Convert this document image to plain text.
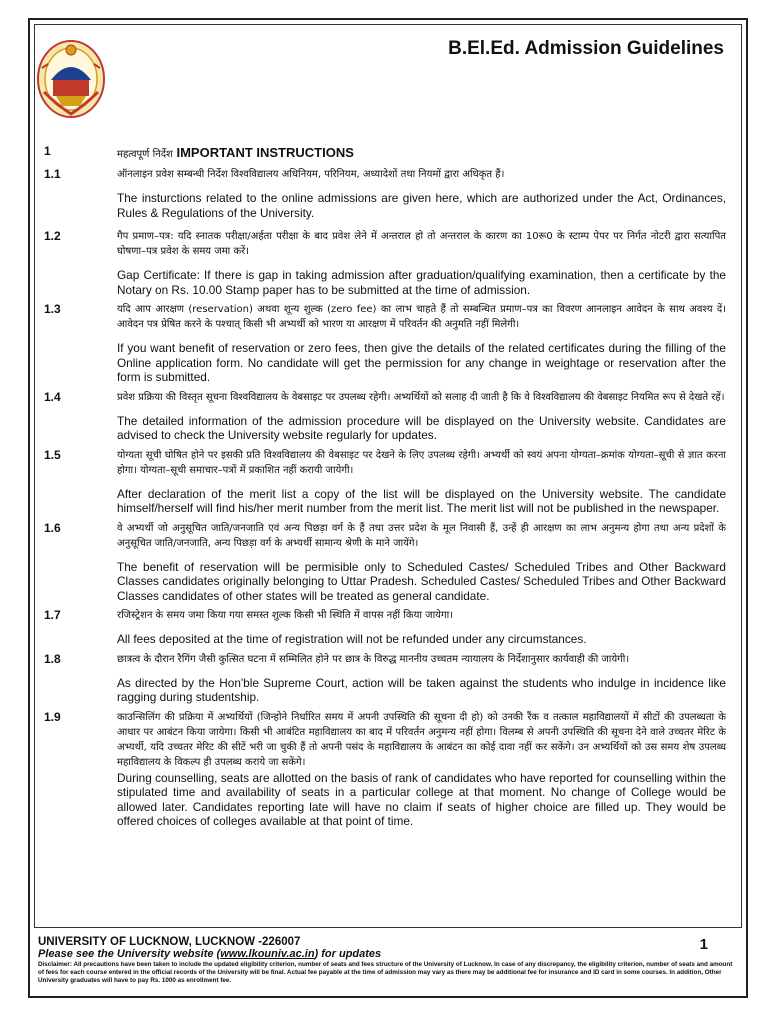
B.El.Ed. Admission Guidelines
1	महत्वपूर्ण निर्देश IMPORTANT INSTRUCTIONS
1.1	ऑनलाइन प्रवेश सम्बन्धी निर्देश विश्वविद्यालय अधिनियम, परिनियम, अध्यादेशों तथा नियमों द्वारा अधिकृत हैं।

The insturctions related to the online admissions are given here, which are authorized under the Act, Ordinances, Rules & Regulations of the University.

1.2	गैप प्रमाण–पत्र: यदि स्नातक परीक्षा/अर्हता परीक्षा के बाद प्रवेश लेने में अन्तराल हो तो अन्तराल के कारण का 10रू0 के स्टाम्प पेपर पर निर्गत नोटरी द्वारा सत्यापित घोषणा–पत्र प्रवेश के समय जमा करें।

Gap Certificate: If there is gap in taking admission after graduation/qualifying examination, then a certificate by the Notary on Rs. 10.00 Stamp paper has to be submitted at the time of admission.

1.3	यदि आप आरक्षण (reservation) अथवा शून्य शुल्क (zero fee) का लाभ चाहते हैं तो सम्बन्धित प्रमाण–पत्र का विवरण आनलाइन आवेदन के साथ अवश्य दें। आवेदन पत्र प्रेषित करने के पश्चात् किसी भी अभ्यर्थी को भारण या आरक्षण में परिवर्तन की अनुमति नहीं मिलेगी।

If you want benefit of reservation or zero fees, then give the details of the related certificates during the filling of the Online application form. No candidate will get the permission for any change in weightage or reservation after the form is submitted.

1.4	प्रवेश प्रक्रिया की विस्तृत सूचना विश्वविद्यालय के वेबसाइट पर उपलब्ध रहेगी। अभ्यर्थियों को सलाह दी जाती है कि वे विश्वविद्यालय की वेबसाइट नियमित रूप से देखते रहें।

The detailed information of the admission procedure will be displayed on the University website. Candidates are advised to check the University website regularly for updates.

1.5	योग्यता सूची घोषित होने पर इसकी प्रति विश्वविद्यालय की वेबसाइट पर देखने के लिए उपलब्ध रहेगी। अभ्यर्थी को स्वयं अपना योग्यता–क्रमांक योग्यता–सूची से ज्ञात करना होगा। योग्यता–सूची समाचार–पत्रों में प्रकाशित नहीं करायी जायेगी।

After declaration of the merit list a copy of the list will be displayed on the University website. The candidate himself/herself will find his/her merit number from the merit list. The merit list will not be published in the newspaper.

1.6	वे अभ्यर्थी जो अनुसूचित जाति/जनजाति एवं अन्य पिछड़ा वर्ग के हैं तथा उत्तर प्रदेश के मूल निवासी हैं, उन्हें ही आरक्षण का लाभ अनुमन्य होगा तथा अन्य प्रदेशों के अनुसूचित जाति/जनजाति, अन्य पिछड़ा वर्ग के अभ्यर्थी सामान्य श्रेणी के माने जायेंगे।

The benefit of reservation will be permisible only to Scheduled Castes/ Scheduled Tribes and Other Backward Classes candidates originally belonging to Uttar Pradesh. Scheduled Castes/ Scheduled Tribes and Other Backward Classes candidates of other states will be treated as general candidate.

1.7	रजिस्ट्रेशन के समय जमा किया गया समस्त शुल्क किसी भी स्थिति में वापस नहीं किया जायेगा।

All fees deposited at the time of registration will not be refunded under any circumstances.

1.8	छात्रत्व के दौरान रैगिंग जैसी कुत्सित घटना में सम्मिलित होने पर छात्र के विरुद्ध माननीय उच्चतम न्यायालय के निर्देशानुसार कार्यवाही की जायेगी।

As directed by the Hon'ble Supreme Court, action will be taken against the students who indulge in incidence like ragging during studentship.

1.9	काउन्सिलिंग की प्रक्रिया में अभ्यर्थियों (जिन्होने निर्धारित समय में अपनी उपस्थिति की सूचना दी हो) को उनकी रैंक व तत्काल महाविद्यालयों में सीटों की उपलब्धता के आधार पर आबंटन किया जायेगा। किसी भी आबंटित महाविद्यालय का बाद में परिवर्तन अनुमन्य नहीं होगा। विलम्ब से अपनी उपस्थिति की सूचना देने वाले उच्चतर मेरिट के अभ्यर्थी, यदि उच्चतर मेरिट की सीटें भरी जा चुकी हैं तो अपनी पसंद के महाविद्यालय के आबंटन का कोई दावा नहीं कर सकेंगे। उन अभ्यर्थियों को उस समय शेष उपलब्ध महाविद्यालय के विकल्प ही उपलब्ध कराये जा सकेंगे।

During counselling, seats are allotted on the basis of rank of candidates who have reported for counselling within the stipulated time and availability of seats in a particular college at that moment. No change of College would be allowed later. Candidates reporting late will have no claim if seats of higher choice are filled up. They would be offered choices of colleges available at that point of time.

UNIVERSITY OF LUCKNOW, LUCKNOW -226007	1
Please see the University website (www.lkouniv.ac.in) for updates
Disclaimer: All precautions have been taken to include the updated eligibility criterion, number of seats and fees structure of the University of Lucknow. In case of any discrepancy, the eligibility criterion, number of seats and amount of fees for each course entered in the official records of the University will be final. Actual fee payable at the time of admission may vary as there may be additional fee for insurance and ID card in some courses. In addition, Other University graduates will have to pay Rs. 1000 as enrollment fee.
